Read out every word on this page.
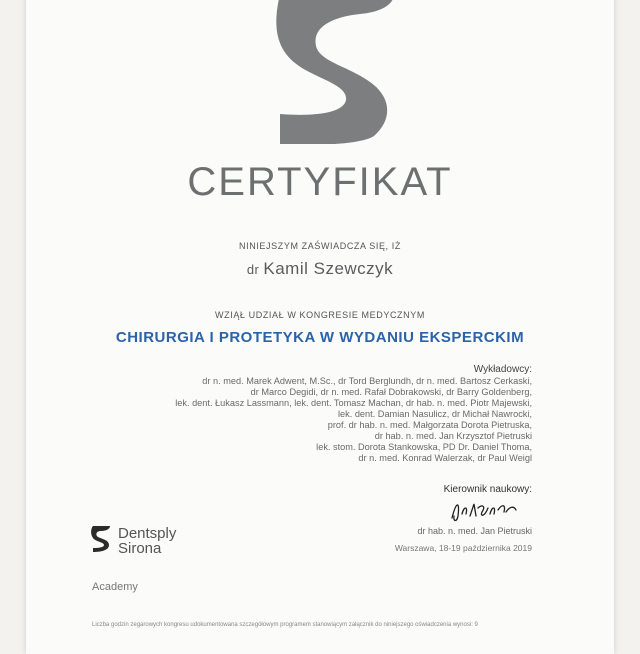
CERTYFIKAT
NINIEJSZYM ZAŚWIADCZA SIĘ, IŻ
dr Kamil Szewczyk
WZIĄŁ UDZIAŁ W KONGRESIE MEDYCZNYM
CHIRURGIA I PROTETYKA W WYDANIU EKSPERCKIM
Wykładowcy:
dr n. med. Marek Adwent, M.Sc., dr Tord Berglundh, dr n. med. Bartosz Cerkaski,
dr Marco Degidi, dr n. med. Rafał Dobrakowski, dr Barry Goldenberg,
lek. dent. Łukasz Lassmann, lek. dent. Tomasz Machan, dr hab. n. med. Piotr Majewski,
lek. dent. Damian Nasulicz, dr Michał Nawrocki,
prof. dr hab. n. med. Małgorzata Dorota Pietruska,
dr hab. n. med. Jan Krzysztof Pietruski
lek. stom. Dorota Stankowska, PD Dr. Daniel Thoma,
dr n. med. Konrad Walerzak, dr Paul Weigl
Kierownik naukowy:
dr hab. n. med. Jan Pietruski
Warszawa, 18-19 października 2019
Dentsply
Sirona
Academy
Liczba godzin zegarowych kongresu udokumentowana szczegółowym programem stanowiącym załącznik do niniejszego oświadczenia wynosi: 9
